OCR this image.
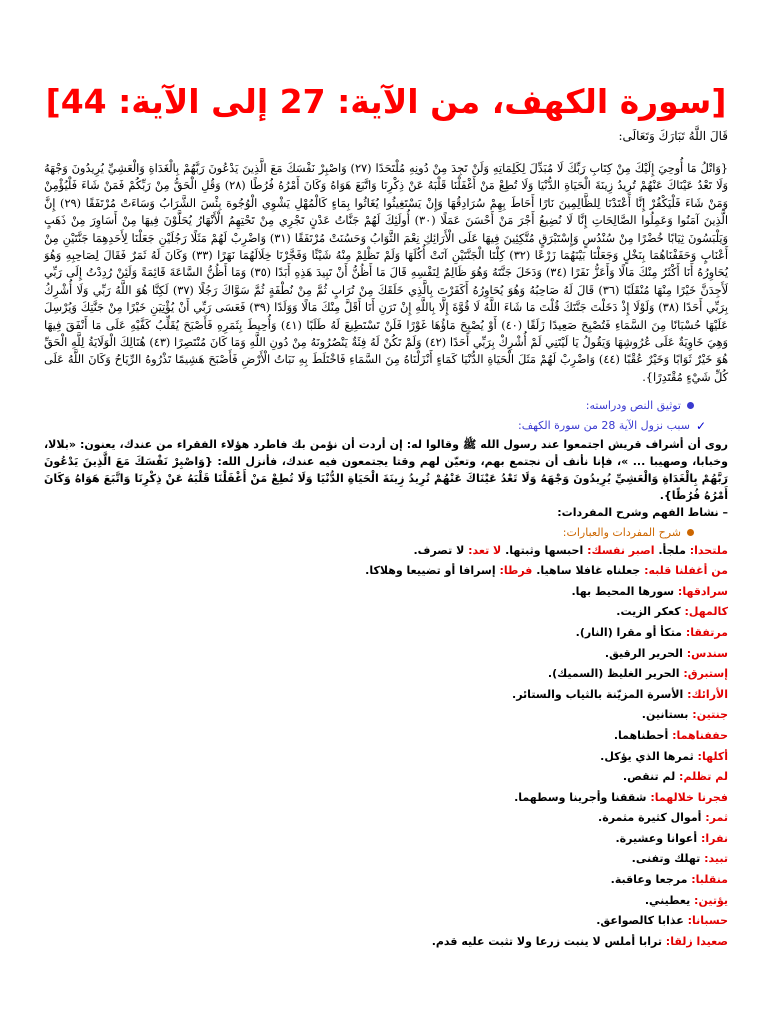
[سورة الكهف، من الآية: 27 إلى الآية: 44]
قَالَ اللَّهُ تَبَارَكَ وَتَعَالَى:

{وَاتْلُ مَا أُوحِيَ إِلَيْكَ مِنْ كِتَابِ رَبِّكَ لَا مُبَدِّلَ لِكَلِمَاتِهِ وَلَنْ تَجِدَ مِنْ دُونِهِ مُلْتَحَدًا (٢٧) وَاصْبِرْ نَفْسَكَ مَعَ الَّذِينَ يَدْعُونَ رَبَّهُمْ بِالْغَدَاةِ وَالْعَشِيِّ يُرِيدُونَ وَجْهَهُ وَلَا تَعْدُ عَيْنَاكَ عَنْهُمْ تُرِيدُ زِينَةَ الْحَيَاةِ الدُّنْيَا وَلَا تُطِعْ مَنْ أَغْفَلْنَا قَلْبَهُ عَنْ ذِكْرِنَا وَاتَّبَعَ هَوَاهُ وَكَانَ أَمْرُهُ فُرُطًا (٢٨) وَقُلِ الْحَقُّ مِنْ رَبِّكُمْ فَمَنْ شَاءَ فَلْيُؤْمِنْ وَمَنْ شَاءَ فَلْيَكْفُرْ إِنَّا أَعْتَدْنَا لِلظَّالِمِينَ نَارًا أَحَاطَ بِهِمْ سُرَادِقُهَا وَإِنْ يَسْتَغِيثُوا يُغَاثُوا بِمَاءٍ كَالْمُهْلِ يَشْوِي الْوُجُوهَ بِئْسَ الشَّرَابُ وَسَاءَتْ مُرْتَفَقًا (٢٩) إِنَّ الَّذِينَ آمَنُوا وَعَمِلُوا الصَّالِحَاتِ إِنَّا لَا نُضِيعُ أَجْرَ مَنْ أَحْسَنَ عَمَلًا (٣٠) أُولَئِكَ لَهُمْ جَنَّاتُ عَدْنٍ تَجْرِي مِنْ تَحْتِهِمُ الْأَنْهَارُ يُحَلَّوْنَ فِيهَا مِنْ أَسَاوِرَ مِنْ ذَهَبٍ وَيَلْبَسُونَ ثِيَابًا خُضْرًا مِنْ سُنْدُسٍ وَإِسْتَبْرَقٍ مُتَّكِئِينَ فِيهَا عَلَى الْأَرَائِكِ نِعْمَ الثَّوَابُ وَحَسُنَتْ مُرْتَفَقًا (٣١) وَاضْرِبْ لَهُمْ مَثَلًا رَجُلَيْنِ جَعَلْنَا لِأَحَدِهِمَا جَنَّتَيْنِ مِنْ أَعْنَابٍ وَحَفَفْنَاهُمَا بِنَخْلٍ وَجَعَلْنَا بَيْنَهُمَا زَرْعًا (٣٢) كِلْتَا الْجَنَّتَيْنِ آتَتْ أُكُلَهَا وَلَمْ تَظْلِمْ مِنْهُ شَيْئًا وَفَجَّرْنَا خِلَالَهُمَا نَهَرًا (٣٣) وَكَانَ لَهُ ثَمَرٌ فَقَالَ لِصَاحِبِهِ وَهُوَ يُحَاوِرُهُ أَنَا أَكْثَرُ مِنْكَ مَالًا وَأَعَزُّ نَفَرًا (٣٤) وَدَخَلَ جَنَّتَهُ وَهُوَ ظَالِمٌ لِنَفْسِهِ قَالَ مَا أَظُنُّ أَنْ تَبِيدَ هَذِهِ أَبَدًا (٣٥) وَمَا أَظُنُّ السَّاعَةَ قَائِمَةً وَلَئِنْ رُدِدْتُ إِلَى رَبِّي لَأَجِدَنَّ خَيْرًا مِنْهَا مُنْقَلَبًا (٣٦) قَالَ لَهُ صَاحِبُهُ وَهُوَ يُحَاوِرُهُ أَكَفَرْتَ بِالَّذِي خَلَقَكَ مِنْ تُرَابٍ ثُمَّ مِنْ نُطْفَةٍ ثُمَّ سَوَّاكَ رَجُلًا (٣٧) لَكِنَّا هُوَ اللَّهُ رَبِّي وَلَا أُشْرِكُ بِرَبِّي أَحَدًا (٣٨) وَلَوْلَا إِذْ دَخَلْتَ جَنَّتَكَ قُلْتَ مَا شَاءَ اللَّهُ لَا قُوَّةَ إِلَّا بِاللَّهِ إِنْ تَرَنِ أَنَا أَقَلَّ مِنْكَ مَالًا وَوَلَدًا (٣٩) فَعَسَى رَبِّي أَنْ يُؤْتِيَنِ خَيْرًا مِنْ جَنَّتِكَ وَيُرْسِلَ عَلَيْهَا حُسْبَانًا مِنَ السَّمَاءِ فَتُصْبِحَ صَعِيدًا زَلَقًا (٤٠) أَوْ يُصْبِحَ مَاؤُهَا غَوْرًا فَلَنْ تَسْتَطِيعَ لَهُ طَلَبًا (٤١) وَأُحِيطَ بِثَمَرِهِ فَأَصْبَحَ يُقَلِّبُ كَفَّيْهِ عَلَى مَا أَنْفَقَ فِيهَا وَهِيَ خَاوِيَةٌ عَلَى عُرُوشِهَا وَيَقُولُ يَا لَيْتَنِي لَمْ أُشْرِكْ بِرَبِّي أَحَدًا (٤٢) وَلَمْ تَكُنْ لَهُ فِئَةٌ يَنْصُرُونَهُ مِنْ دُونِ اللَّهِ وَمَا كَانَ مُنْتَصِرًا (٤٣) هُنَالِكَ الْوَلَايَةُ لِلَّهِ الْحَقِّ هُوَ خَيْرٌ ثَوَابًا وَخَيْرٌ عُقْبًا (٤٤) وَاضْرِبْ لَهُمْ مَثَلَ الْحَيَاةِ الدُّنْيَا كَمَاءٍ أَنْزَلْنَاهُ مِنَ السَّمَاءِ فَاخْتَلَطَ بِهِ نَبَاتُ الْأَرْضِ فَأَصْبَحَ هَشِيمًا تَذْرُوهُ الرِّيَاحُ وَكَانَ اللَّهُ عَلَى كُلِّ شَيْءٍ مُقْتَدِرًا}.

توثيق النص ودراسته:
✓
سبب نزول الآية 28 من سورة الكهف:

روى أن أشراف قريش اجتمعوا عند رسول الله ﷺ وقالوا له: إن أردت أن نؤمن بك فاطرد هؤلاء الفقراء من عندك، يعنون: «بلالا، وخبابا، وصهيبا ... »، فإنا نأنف أن نجتمع بهم، وتعيّن لهم وقتا يجتمعون فيه عندك، فأنزل الله: {وَاصْبِرْ نَفْسَكَ مَعَ الَّذِينَ يَدْعُونَ رَبَّهُمْ بِالْغَدَاةِ وَالْعَشِيِّ يُرِيدُونَ وَجْهَهُ وَلَا تَعْدُ عَيْنَاكَ عَنْهُمْ تُرِيدُ زِينَةَ الْحَيَاةِ الدُّنْيَا وَلَا تُطِعْ مَنْ أَغْفَلْنَا قَلْبَهُ عَنْ ذِكْرِنَا وَاتَّبَعَ هَوَاهُ وَكَانَ أَمْرُهُ فُرُطًا}.

– نشاط الفهم وشرح المفردات:
شرح المفردات والعبارات:
ملتحدا: ملجأ. اصبر نفسك: احبسها وثبتها. لا تعد: لا تصرف.
من أغفلنا قلبه: جعلناه غافلا ساهيا. فرطا: إسرافا أو تضييعا وهلاكا.
سرادقها: سورها المحيط بها.
كالمهل: كعكر الزيت.
مرتفقا: متكأ أو مقرا (النار).
سندس: الحرير الرقيق.
إستبرق: الحرير الغليظ (السميك).
الأرائك: الأسرة المزيّنة بالثياب والستائر.
جنتين: بستانين.
حففناهما: أحطناهما.
أكلها: ثمرها الذي يؤكل.
لم تظلم: لم تنقص.
فجرنا خلالهما: شققنا وأجرينا وسطهما.
ثمر: أموال كثيرة مثمرة.
نفرا: أعوانا وعشيرة.
تبيد: تهلك وتفنى.
منقلبا: مرجعا وعاقبة.
يؤتين: يعطيني.
حسبانا: عذابا كالصواعق.
صعيدا زلقا: ترابا أملس لا ينبت زرعا ولا تثبت عليه قدم.
